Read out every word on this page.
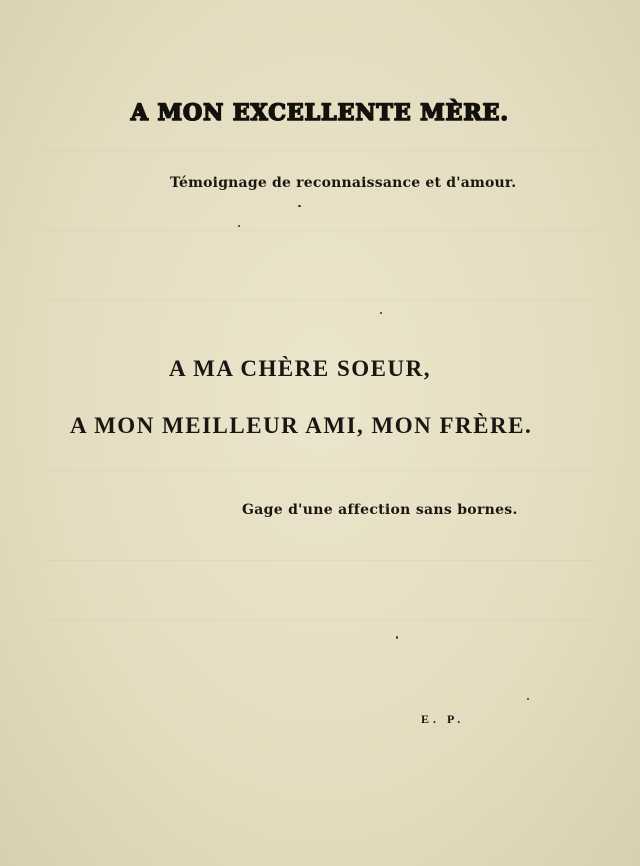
A MON EXCELLENTE MÈRE.
Témoignage de reconnaissance et d'amour.
A MA CHÈRE SOEUR,
A MON MEILLEUR AMI, MON FRÈRE.
Gage d'une affection sans bornes.
E. P.
